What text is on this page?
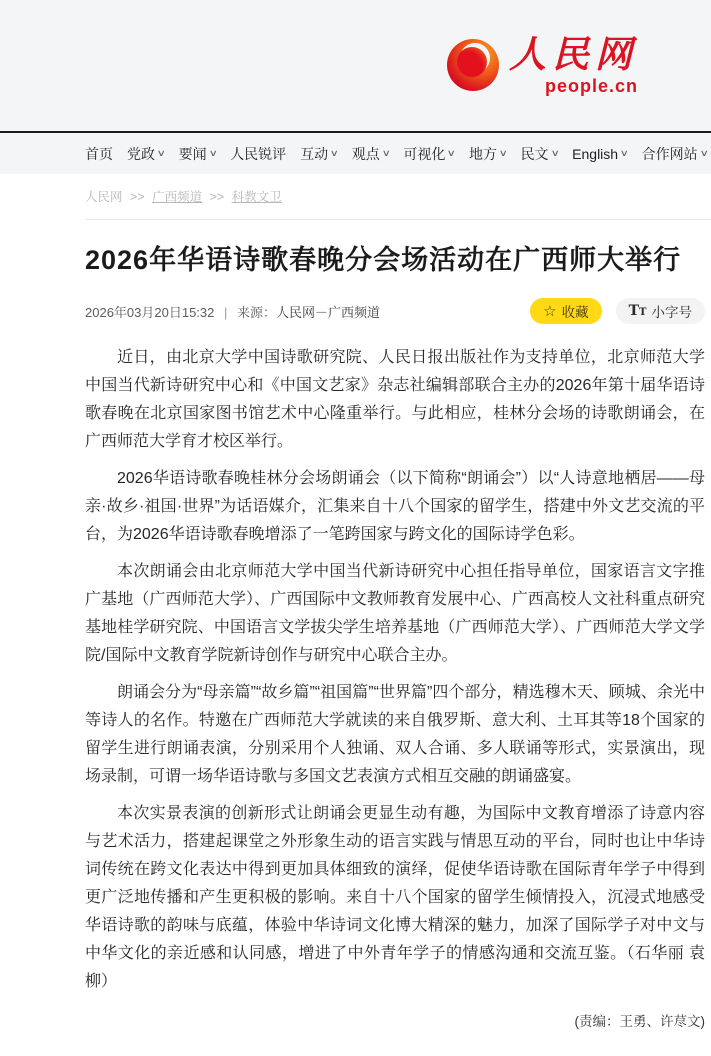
人民网
people.cn
首页 党政 ∨ 要闻 ∨ 人民锐评 互动 ∨ 观点 ∨ 可视化 ∨ 地方 ∨ 民文 ∨ English ∨ 合作网站 ∨
人民网 >> 广西频道 >> 科教文卫
2026年华语诗歌春晚分会场活动在广西师大举行
2026年03月20日15:32 | 来源：人民网－广西频道	☆ 收藏	T T 小字号

近日，由北京大学中国诗歌研究院、人民日报出版社作为支持单位，北京师范大学中国当代新诗研究中心和《中国文艺家》杂志社编辑部联合主办的2026年第十届华语诗歌春晚在北京国家图书馆艺术中心隆重举行。与此相应，桂林分会场的诗歌朗诵会，在广西师范大学育才校区举行。

2026华语诗歌春晚桂林分会场朗诵会（以下简称“朗诵会”）以“人诗意地栖居——母亲·故乡·祖国·世界”为话语媒介，汇集来自十八个国家的留学生，搭建中外文艺交流的平台，为2026华语诗歌春晚增添了一笔跨国家与跨文化的国际诗学色彩。

本次朗诵会由北京师范大学中国当代新诗研究中心担任指导单位，国家语言文字推广基地（广西师范大学）、广西国际中文教师教育发展中心、广西高校人文社科重点研究基地桂学研究院、中国语言文学拔尖学生培养基地（广西师范大学）、广西师范大学文学院/国际中文教育学院新诗创作与研究中心联合主办。

朗诵会分为“母亲篇”“故乡篇”“祖国篇”“世界篇”四个部分，精选穆木天、顾城、余光中等诗人的名作。特邀在广西师范大学就读的来自俄罗斯、意大利、土耳其等18个国家的留学生进行朗诵表演，分别采用个人独诵、双人合诵、多人联诵等形式，实景演出，现场录制，可谓一场华语诗歌与多国文艺表演方式相互交融的朗诵盛宴。

本次实景表演的创新形式让朗诵会更显生动有趣，为国际中文教育增添了诗意内容与艺术活力，搭建起课堂之外形象生动的语言实践与情思互动的平台，同时也让中华诗词传统在跨文化表达中得到更加具体细致的演绎，促使华语诗歌在国际青年学子中得到更广泛地传播和产生更积极的影响。来自十八个国家的留学生倾情投入，沉浸式地感受华语诗歌的韵味与底蕴，体验中华诗词文化博大精深的魅力，加深了国际学子对中文与中华文化的亲近感和认同感，增进了中外青年学子的情感沟通和交流互鉴。（石华丽 袁柳）

(责编：王勇、许荩文)
